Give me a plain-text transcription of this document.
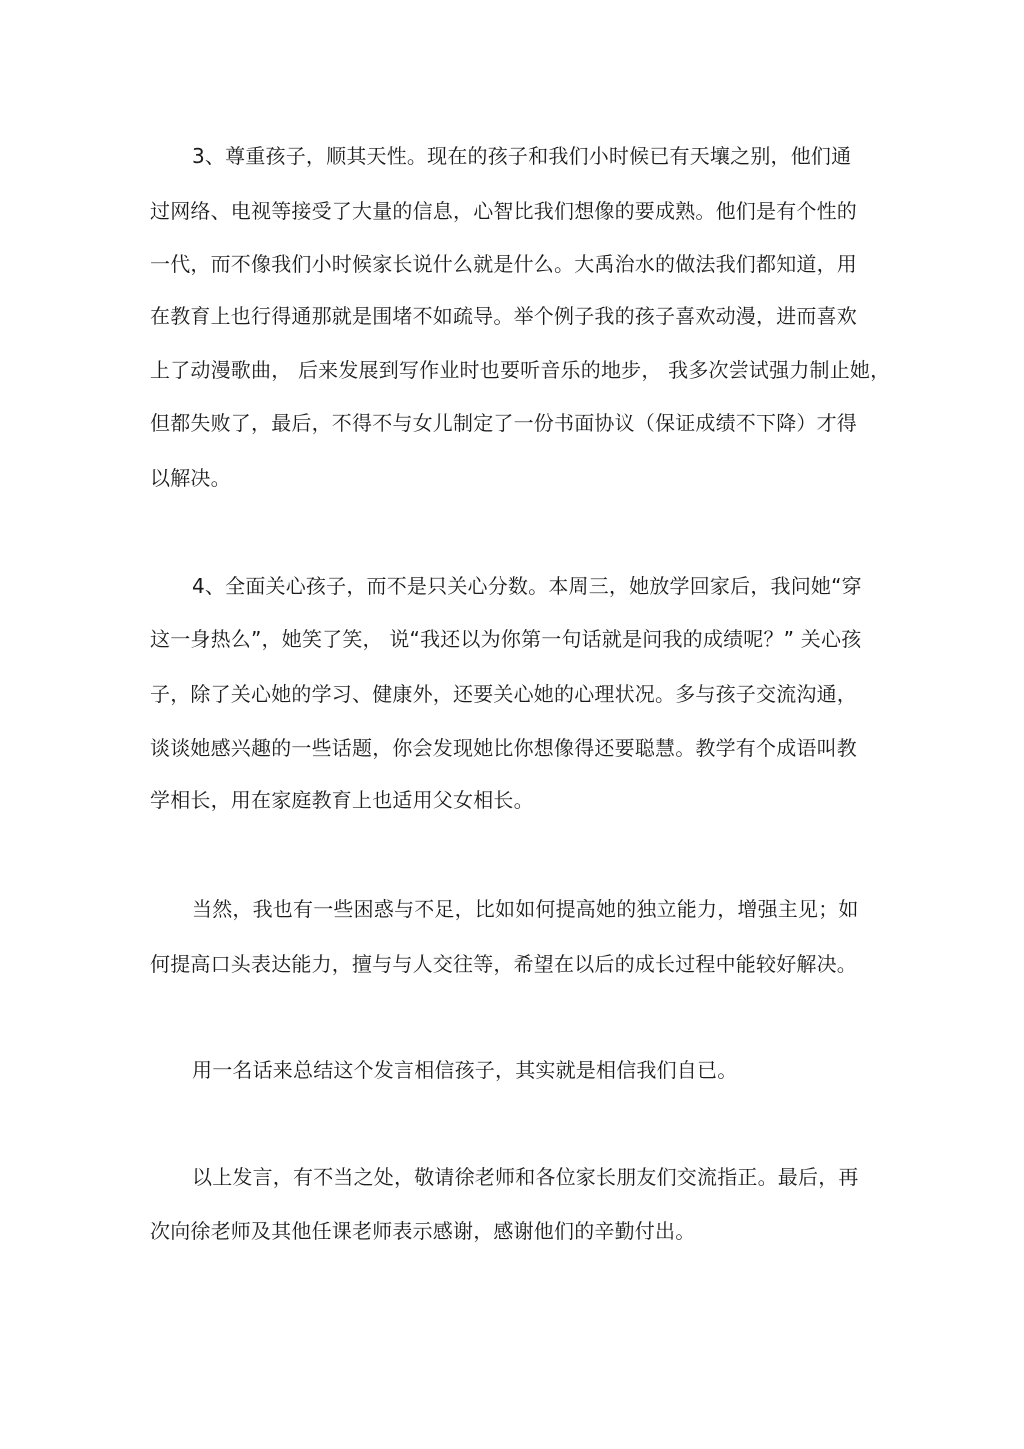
3、尊重孩子，顺其天性。现在的孩子和我们小时候已有天壤之别，他们通
过网络、电视等接受了大量的信息，心智比我们想像的要成熟。他们是有个性的
一代，而不像我们小时候家长说什么就是什么。大禹治水的做法我们都知道，用
在教育上也行得通那就是围堵不如疏导。举个例子我的孩子喜欢动漫，进而喜欢
上了动漫歌曲， 后来发展到写作业时也要听音乐的地步， 我多次尝试强力制止她，
但都失败了，最后，不得不与女儿制定了一份书面协议（保证成绩不下降）才得
以解决。
4、全面关心孩子，而不是只关心分数。本周三，她放学回家后，我问她“穿
这一身热么”，她笑了笑， 说“我还以为你第一句话就是问我的成绩呢？” 关心孩
子，除了关心她的学习、健康外，还要关心她的心理状况。多与孩子交流沟通，
谈谈她感兴趣的一些话题，你会发现她比你想像得还要聪慧。教学有个成语叫教
学相长，用在家庭教育上也适用父女相长。
当然，我也有一些困惑与不足，比如如何提高她的独立能力，增强主见；如
何提高口头表达能力，擅与与人交往等，希望在以后的成长过程中能较好解决。
用一名话来总结这个发言相信孩子，其实就是相信我们自已。
以上发言，有不当之处，敬请徐老师和各位家长朋友们交流指正。最后，再
次向徐老师及其他任课老师表示感谢，感谢他们的辛勤付出。
